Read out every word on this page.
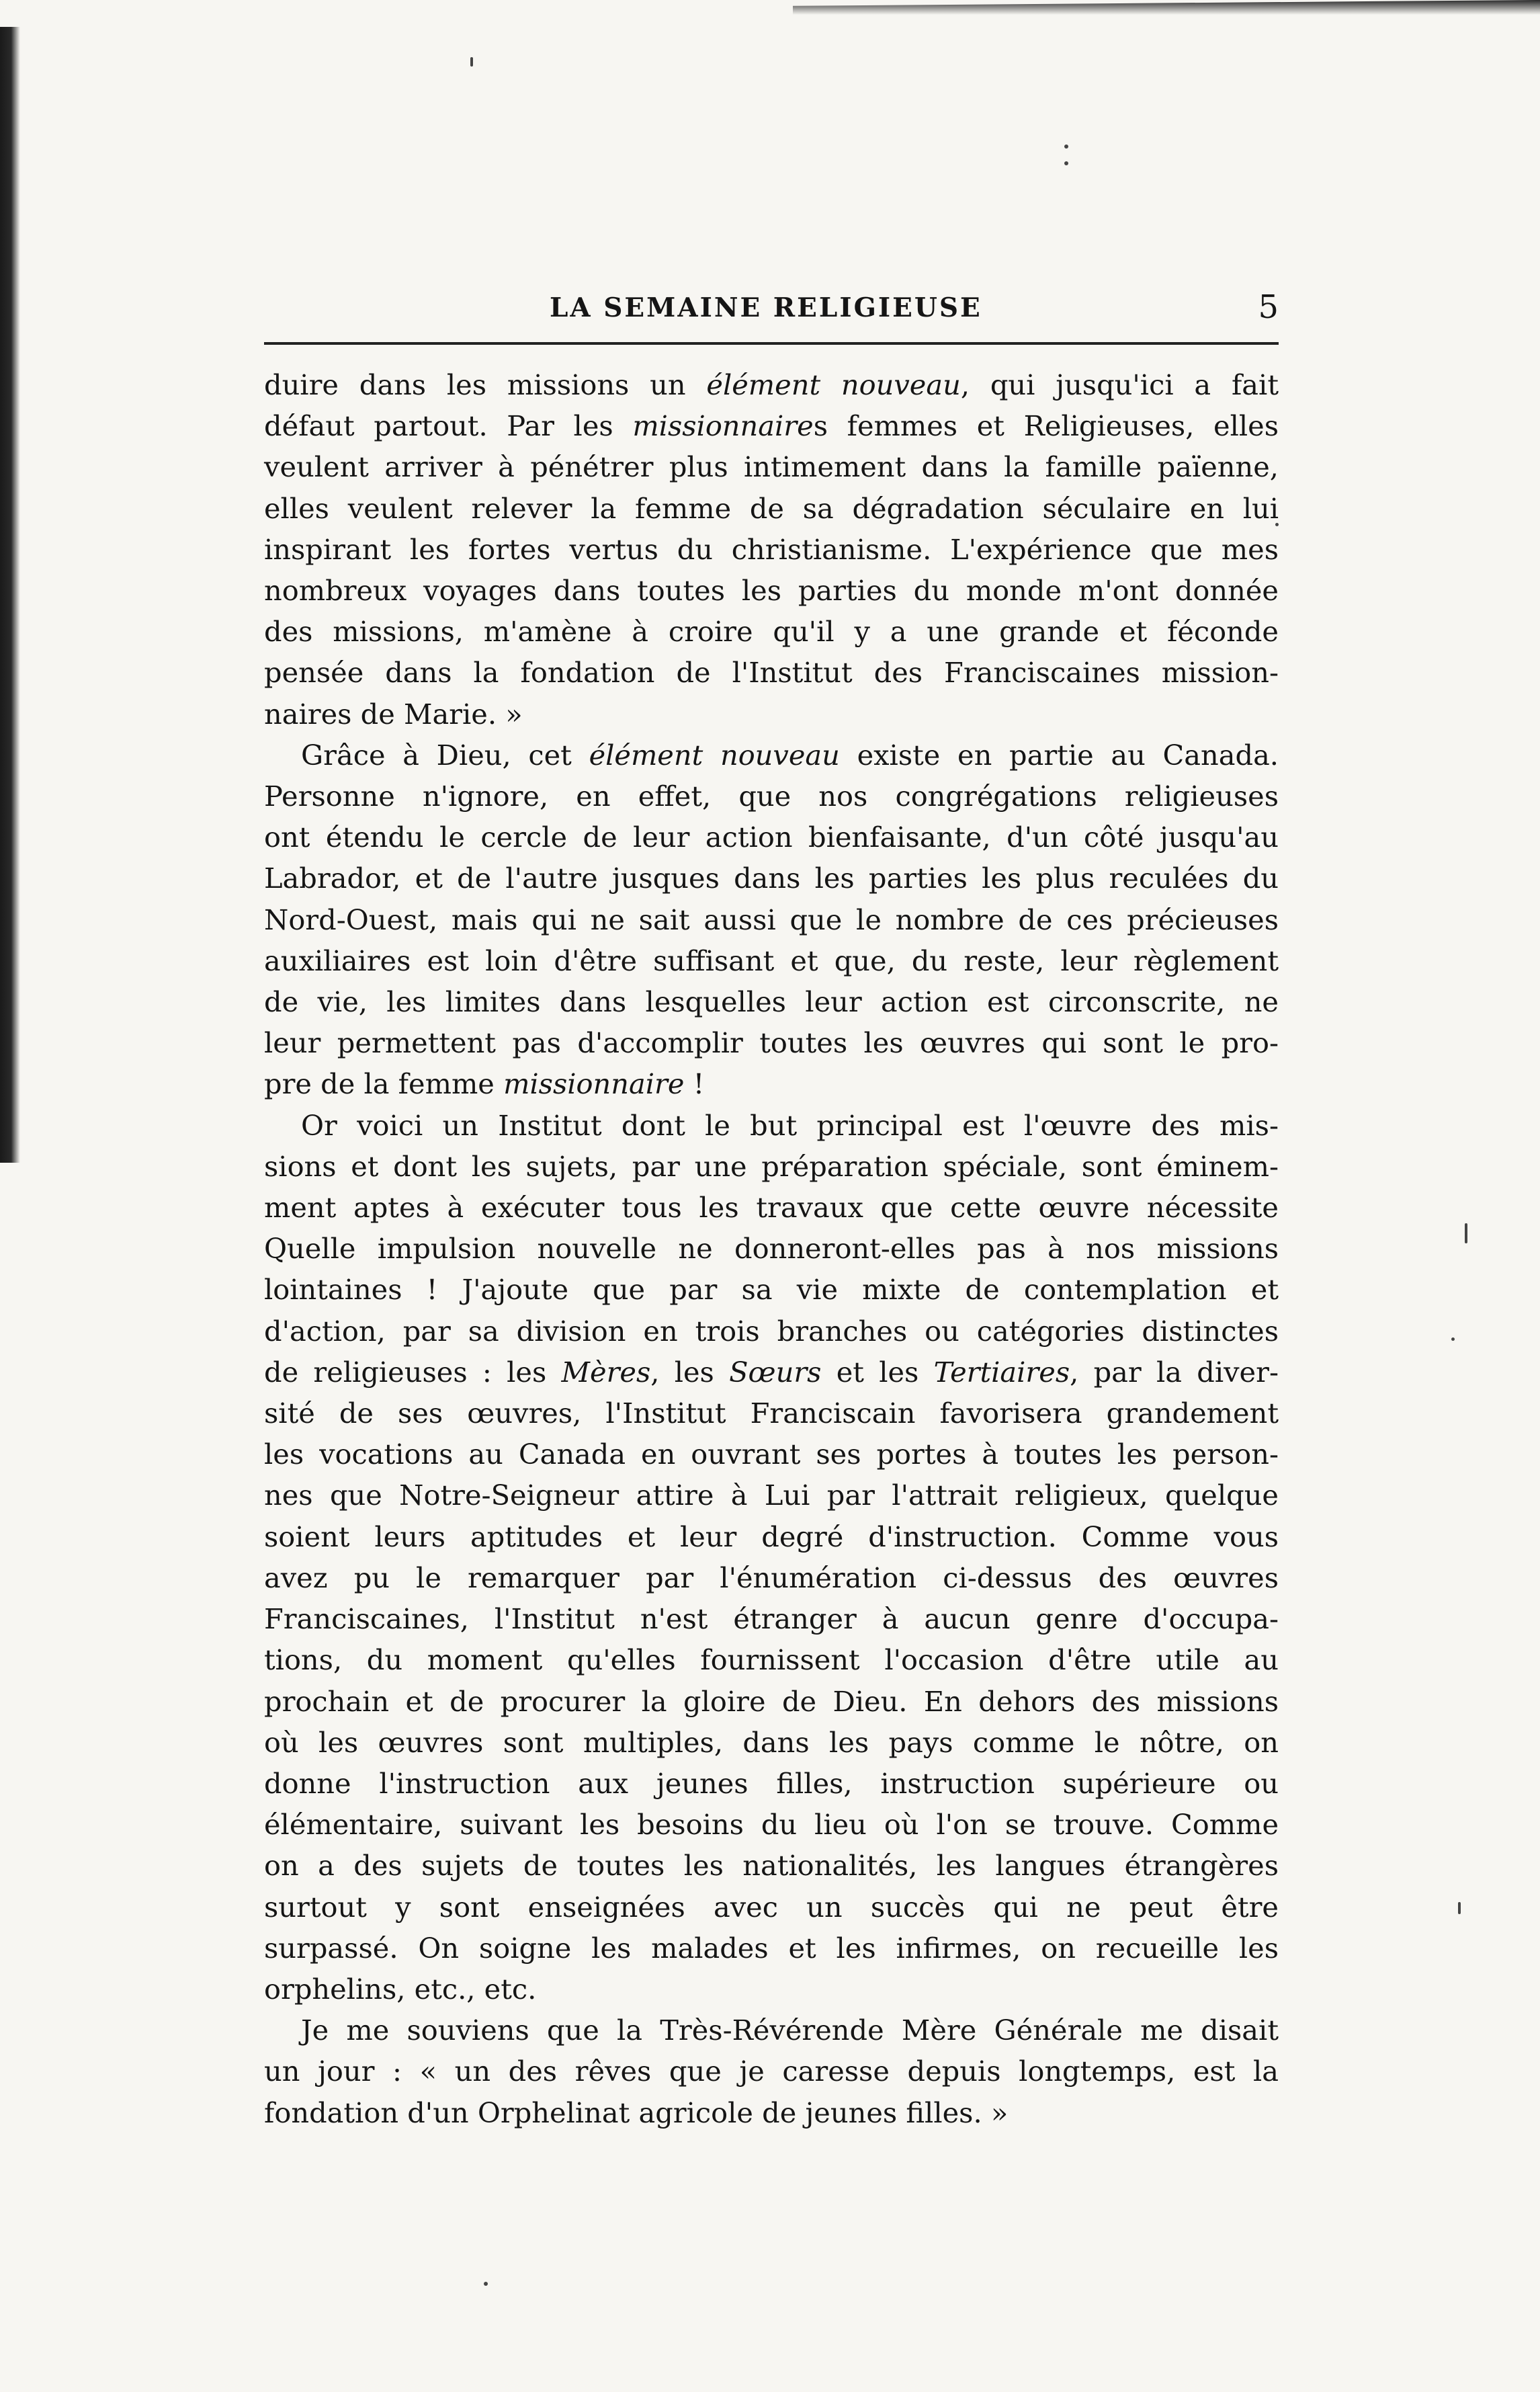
LA SEMAINE RELIGIEUSE	5

duire dans les missions un élément nouveau, qui jusqu'ici a fait
défaut partout. Par les missionnaires femmes et Religieuses, elles
veulent arriver à pénétrer plus intimement dans la famille païenne,
elles veulent relever la femme de sa dégradation séculaire en lui
inspirant les fortes vertus du christianisme. L'expérience que mes
nombreux voyages dans toutes les parties du monde m'ont donnée
des missions, m'amène à croire qu'il y a une grande et féconde
pensée dans la fondation de l'Institut des Franciscaines mission-
naires de Marie. »

Grâce à Dieu, cet élément nouveau existe en partie au Canada.
Personne n'ignore, en effet, que nos congrégations religieuses
ont étendu le cercle de leur action bienfaisante, d'un côté jusqu'au
Labrador, et de l'autre jusques dans les parties les plus reculées du
Nord-Ouest, mais qui ne sait aussi que le nombre de ces précieuses
auxiliaires est loin d'être suffisant et que, du reste, leur règlement
de vie, les limites dans lesquelles leur action est circonscrite, ne
leur permettent pas d'accomplir toutes les œuvres qui sont le pro-
pre de la femme missionnaire !

Or voici un Institut dont le but principal est l'œuvre des mis-
sions et dont les sujets, par une préparation spéciale, sont éminem-
ment aptes à exécuter tous les travaux que cette œuvre nécessite
Quelle impulsion nouvelle ne donneront-elles pas à nos missions
lointaines ! J'ajoute que par sa vie mixte de contemplation et
d'action, par sa division en trois branches ou catégories distinctes
de religieuses : les Mères, les Sœurs et les Tertiaires, par la diver-
sité de ses œuvres, l'Institut Franciscain favorisera grandement
les vocations au Canada en ouvrant ses portes à toutes les person-
nes que Notre-Seigneur attire à Lui par l'attrait religieux, quelque
soient leurs aptitudes et leur degré d'instruction. Comme vous
avez pu le remarquer par l'énumération ci-dessus des œuvres
Franciscaines, l'Institut n'est étranger à aucun genre d'occupa-
tions, du moment qu'elles fournissent l'occasion d'être utile au
prochain et de procurer la gloire de Dieu. En dehors des missions
où les œuvres sont multiples, dans les pays comme le nôtre, on
donne l'instruction aux jeunes filles, instruction supérieure ou
élémentaire, suivant les besoins du lieu où l'on se trouve. Comme
on a des sujets de toutes les nationalités, les langues étrangères
surtout y sont enseignées avec un succès qui ne peut être
surpassé. On soigne les malades et les infirmes, on recueille les
orphelins, etc., etc.

Je me souviens que la Très-Révérende Mère Générale me disait
un jour : « un des rêves que je caresse depuis longtemps, est la
fondation d'un Orphelinat agricole de jeunes filles. »
